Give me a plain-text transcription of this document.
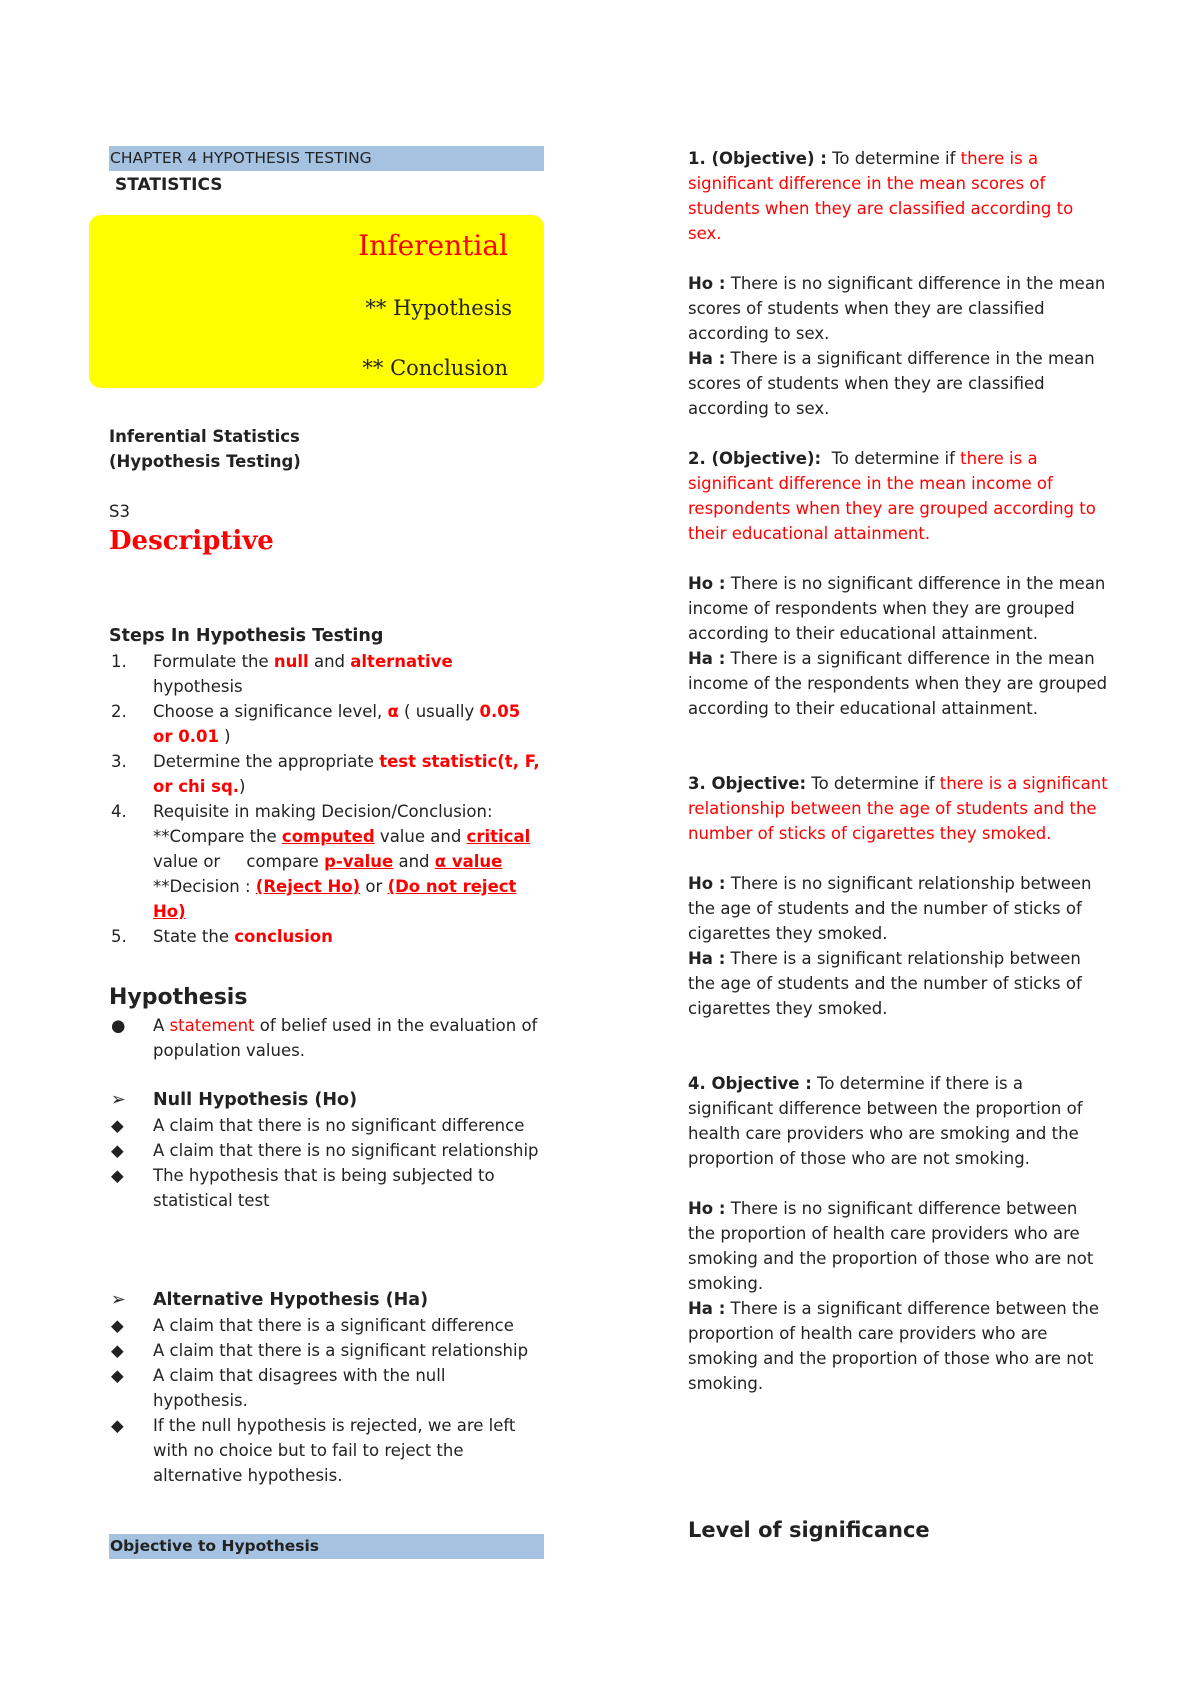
CHAPTER 4 HYPOTHESIS TESTING
STATISTICS
Inferential
** Hypothesis
** Conclusion
Inferential Statistics
(Hypothesis Testing)
S3
Descriptive
Steps In Hypothesis Testing
1. Formulate the null and alternative hypothesis
2. Choose a significance level, α ( usually 0.05 or 0.01 )
3. Determine the appropriate test statistic(t, F, or chi sq.)
4. Requisite in making Decision/Conclusion:
**Compare the computed value and critical
value or     compare p-value and α value
**Decision : (Reject Ho) or (Do not reject Ho)
5. State the conclusion
Hypothesis
● A statement of belief used in the evaluation of population values.
➢ Null Hypothesis (Ho)
◆ A claim that there is no significant difference
◆ A claim that there is no significant relationship
◆ The hypothesis that is being subjected to statistical test
➢ Alternative Hypothesis (Ha)
◆ A claim that there is a significant difference
◆ A claim that there is a significant relationship
◆ A claim that disagrees with the null hypothesis.
◆ If the null hypothesis is rejected, we are left with no choice but to fail to reject the alternative hypothesis.
Objective to Hypothesis
1. (Objective) : To determine if there is a significant difference in the mean scores of students when they are classified according to sex.
Ho : There is no significant difference in the mean scores of students when they are classified according to sex.
Ha : There is a significant difference in the mean scores of students when they are classified according to sex.
2. (Objective):  To determine if there is a significant difference in the mean income of respondents when they are grouped according to their educational attainment.
Ho : There is no significant difference in the mean income of respondents when they are grouped according to their educational attainment.
Ha : There is a significant difference in the mean income of the respondents when they are grouped according to their educational attainment.
3. Objective: To determine if there is a significant relationship between the age of students and the number of sticks of cigarettes they smoked.
Ho : There is no significant relationship between the age of students and the number of sticks of cigarettes they smoked.
Ha : There is a significant relationship between the age of students and the number of sticks of cigarettes they smoked.
4. Objective : To determine if there is a significant difference between the proportion of health care providers who are smoking and the proportion of those who are not smoking.
Ho : There is no significant difference between the proportion of health care providers who are smoking and the proportion of those who are not smoking.
Ha : There is a significant difference between the proportion of health care providers who are smoking and the proportion of those who are not smoking.
Level of significance
